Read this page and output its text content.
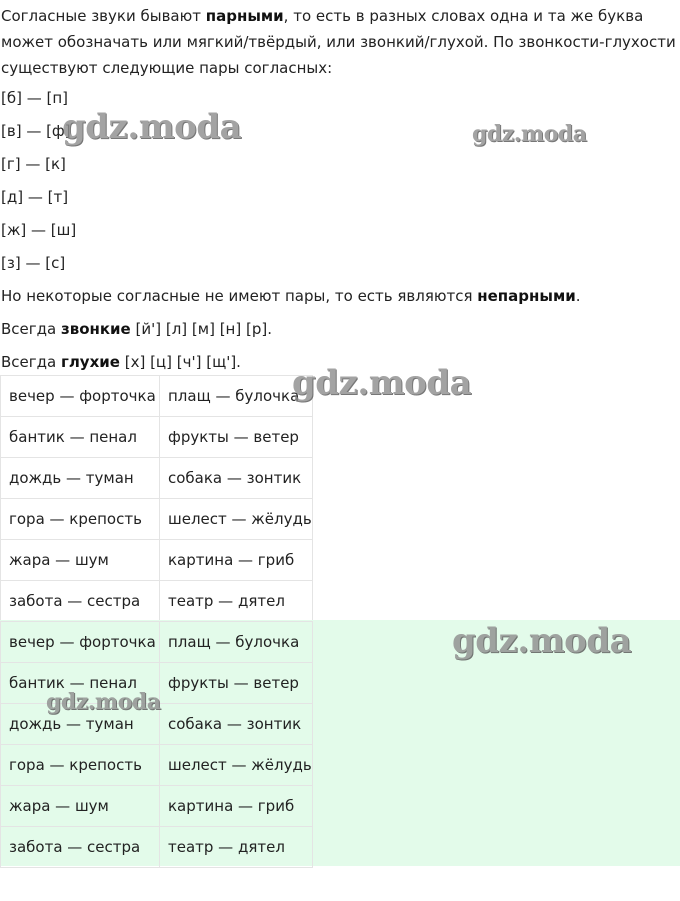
Согласные звуки бывают парными, то есть в разных словах одна и та же буква может обозначать или мягкий/твёрдый, или звонкий/глухой. По звонкости-глухости существуют следующие пары согласных:

[б] — [п]

[в] — [ф]

[г] — [к]

[д] — [т]

[ж] — [ш]

[з] — [с]

Но некоторые согласные не имеют пары, то есть являются непарными.

Всегда звонкие [й'] [л] [м] [н] [р].

Всегда глухие [х] [ц] [ч'] [щ'].

вечер — форточка	плащ — булочка
бантик — пенал	фрукты — ветер
дождь — туман	собака — зонтик
гора — крепость	шелест — жёлудь
жара — шум	картина — гриб
забота — сестра	театр — дятел
вечер — форточка	плащ — булочка
бантик — пенал	фрукты — ветер
дождь — туман	собака — зонтик
гора — крепость	шелест — жёлудь
жара — шум	картина — гриб
забота — сестра	театр — дятел
gdz.moda	gdz.moda
gdz.moda
gdz.moda
gdz.moda
